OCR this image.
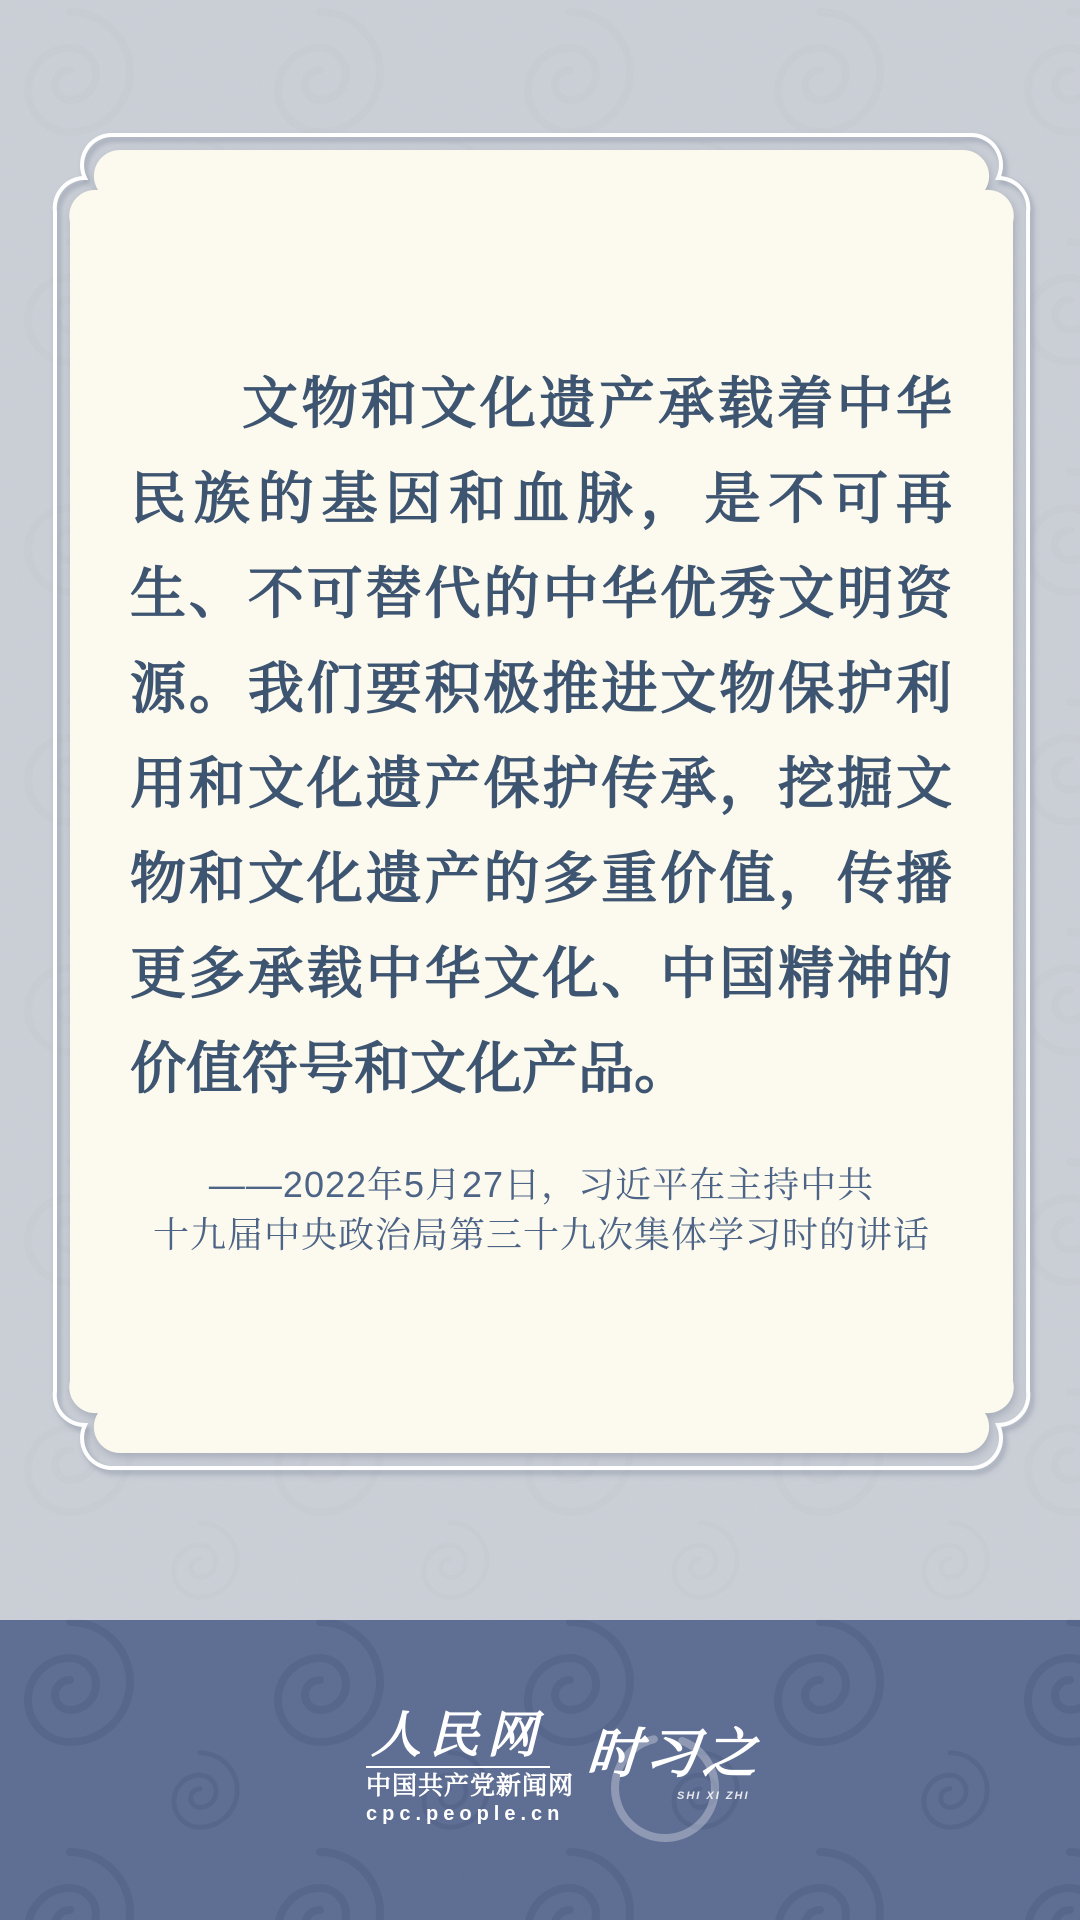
文物和文化遗产承载着中华
民族的基因和血脉，是不可再
生、不可替代的中华优秀文明资
源。我们要积极推进文物保护利
用和文化遗产保护传承，挖掘文
物和文化遗产的多重价值，传播
更多承载中华文化、中国精神的
价值符号和文化产品。
——2022年5月27日，习近平在主持中共
十九届中央政治局第三十九次集体学习时的讲话
人民网
中国共产党新闻网
cpc.people.cn
时习之
SHI XI ZHI
